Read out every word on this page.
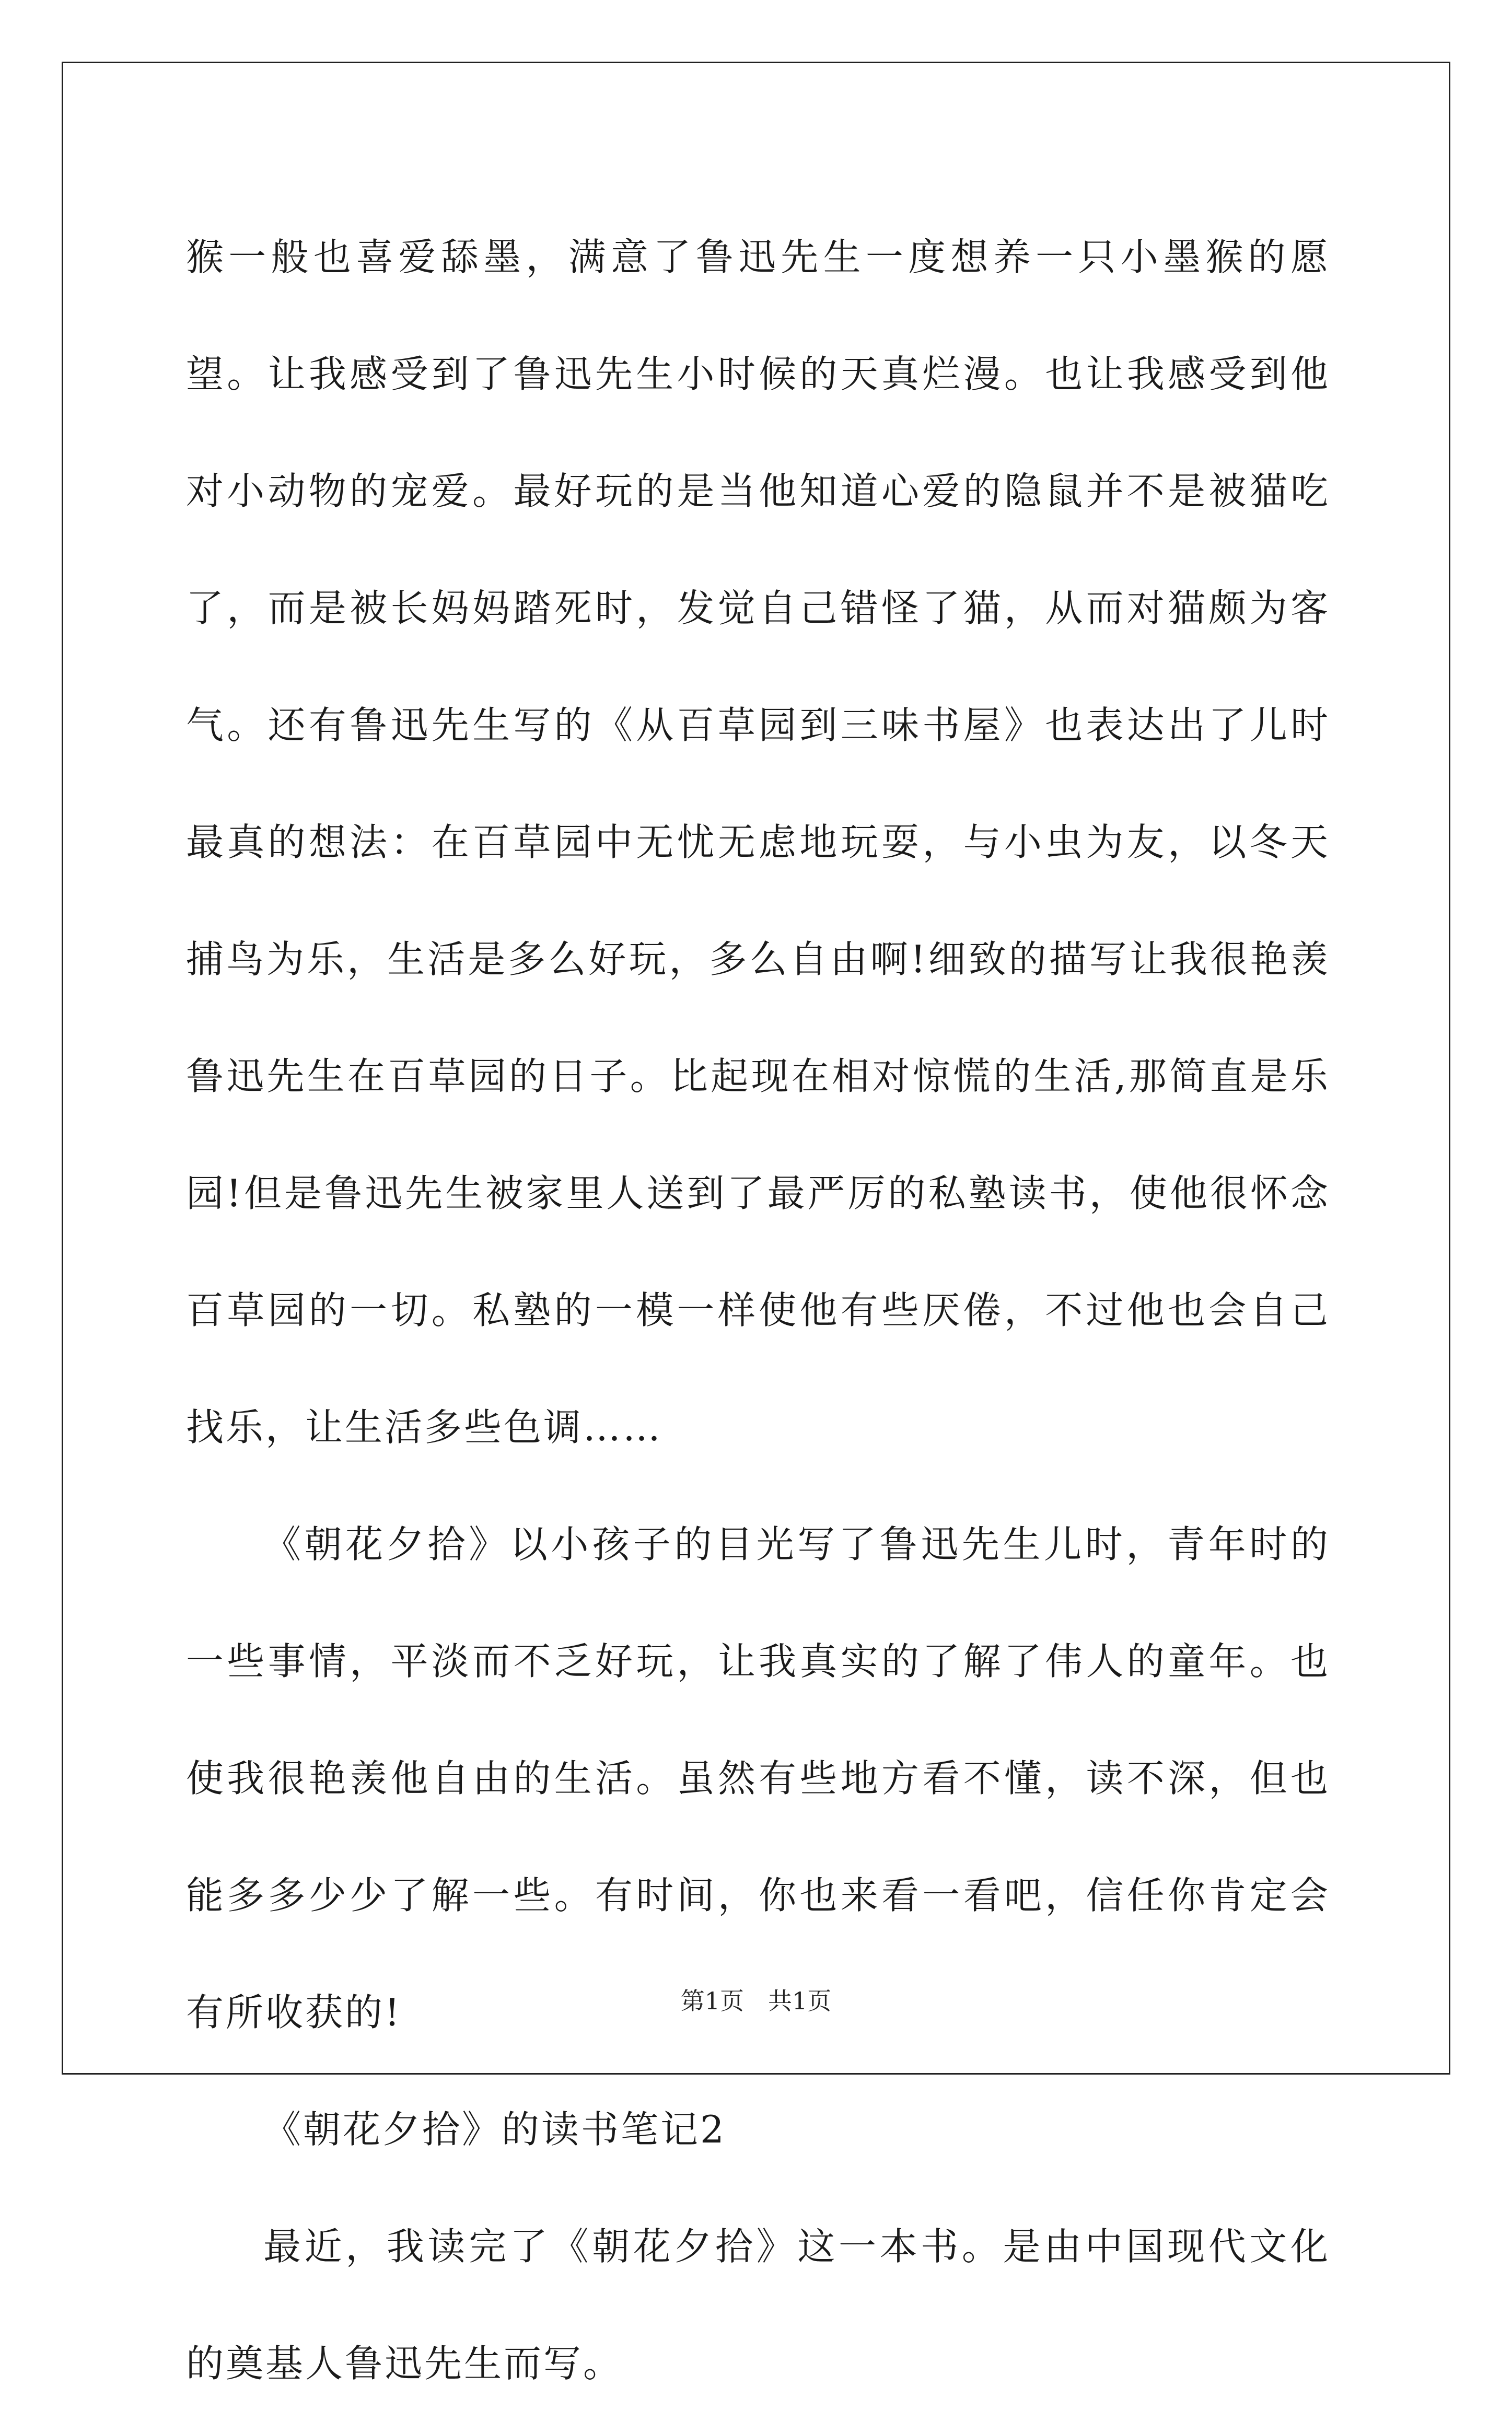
猴一般也喜爱舔墨，满意了鲁迅先生一度想养一只小墨猴的愿望。让我感受到了鲁迅先生小时候的天真烂漫。也让我感受到他对小动物的宠爱。最好玩的是当他知道心爱的隐鼠并不是被猫吃了，而是被长妈妈踏死时，发觉自己错怪了猫，从而对猫颇为客气。还有鲁迅先生写的《从百草园到三味书屋》也表达出了儿时最真的想法：在百草园中无忧无虑地玩耍，与小虫为友，以冬天捕鸟为乐，生活是多么好玩，多么自由啊!细致的描写让我很艳羡鲁迅先生在百草园的日子。比起现在相对惊慌的生活,那简直是乐园!但是鲁迅先生被家里人送到了最严厉的私塾读书，使他很怀念百草园的一切。私塾的一模一样使他有些厌倦，不过他也会自己找乐，让生活多些色调……

《朝花夕拾》以小孩子的目光写了鲁迅先生儿时，青年时的一些事情，平淡而不乏好玩，让我真实的了解了伟人的童年。也使我很艳羡他自由的生活。虽然有些地方看不懂，读不深，但也能多多少少了解一些。有时间，你也来看一看吧，信任你肯定会有所收获的!

《朝花夕拾》的读书笔记2

最近，我读完了《朝花夕拾》这一本书。是由中国现代文化的奠基人鲁迅先生而写。

第1页　共1页
